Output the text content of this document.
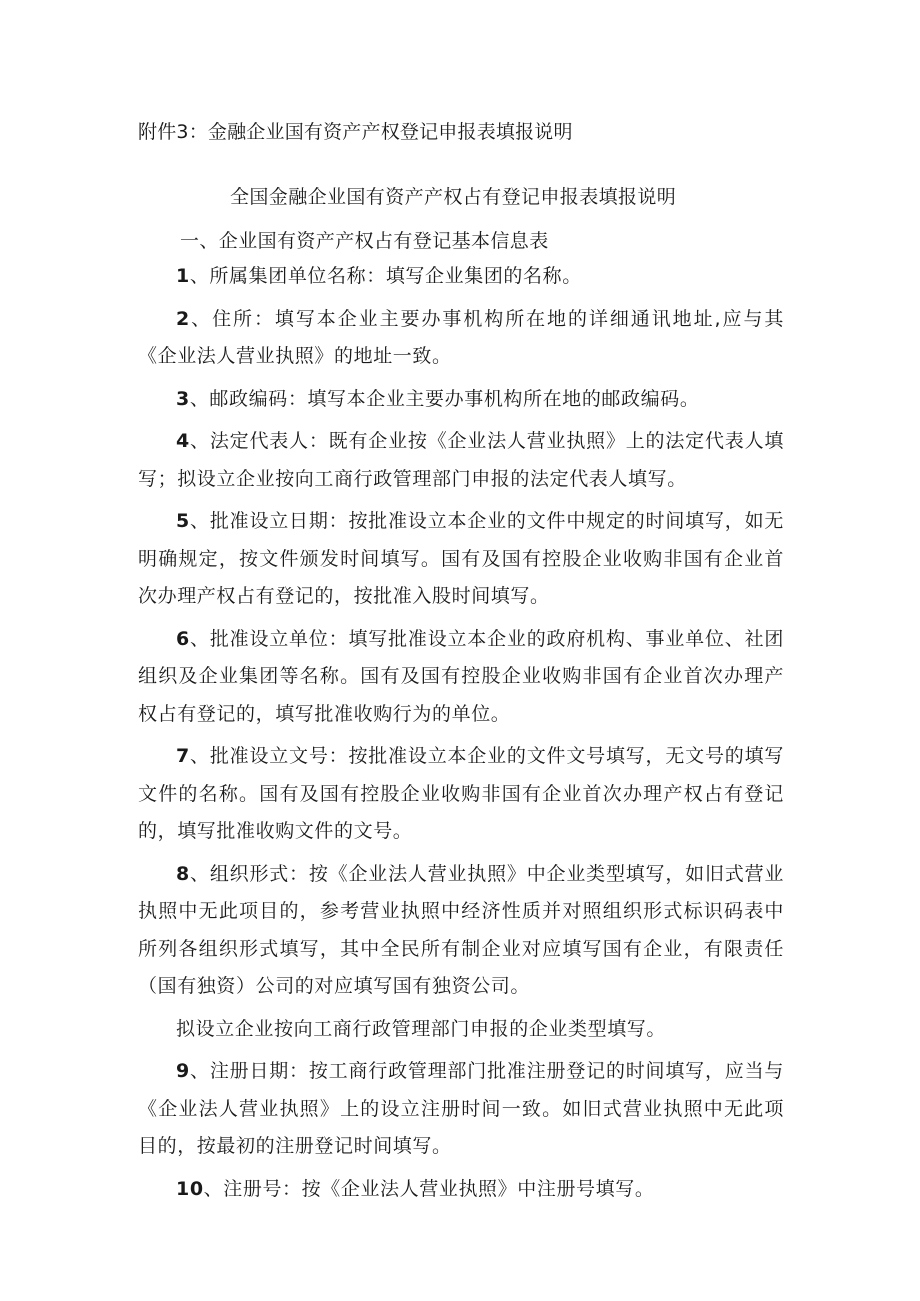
附件3：金融企业国有资产产权登记申报表填报说明
全国金融企业国有资产产权占有登记申报表填报说明
一、企业国有资产产权占有登记基本信息表

1、所属集团单位名称：填写企业集团的名称。

2、住所：填写本企业主要办事机构所在地的详细通讯地址,应与其《企业法人营业执照》的地址一致。

3、邮政编码：填写本企业主要办事机构所在地的邮政编码。

4、法定代表人：既有企业按《企业法人营业执照》上的法定代表人填写；拟设立企业按向工商行政管理部门申报的法定代表人填写。

5、批准设立日期：按批准设立本企业的文件中规定的时间填写，如无明确规定，按文件颁发时间填写。国有及国有控股企业收购非国有企业首次办理产权占有登记的，按批准入股时间填写。

6、批准设立单位：填写批准设立本企业的政府机构、事业单位、社团组织及企业集团等名称。国有及国有控股企业收购非国有企业首次办理产权占有登记的，填写批准收购行为的单位。

7、批准设立文号：按批准设立本企业的文件文号填写，无文号的填写文件的名称。国有及国有控股企业收购非国有企业首次办理产权占有登记的，填写批准收购文件的文号。

8、组织形式：按《企业法人营业执照》中企业类型填写，如旧式营业执照中无此项目的，参考营业执照中经济性质并对照组织形式标识码表中所列各组织形式填写，其中全民所有制企业对应填写国有企业，有限责任（国有独资）公司的对应填写国有独资公司。

拟设立企业按向工商行政管理部门申报的企业类型填写。

9、注册日期：按工商行政管理部门批准注册登记的时间填写，应当与《企业法人营业执照》上的设立注册时间一致。如旧式营业执照中无此项目的，按最初的注册登记时间填写。

10、注册号：按《企业法人营业执照》中注册号填写。
